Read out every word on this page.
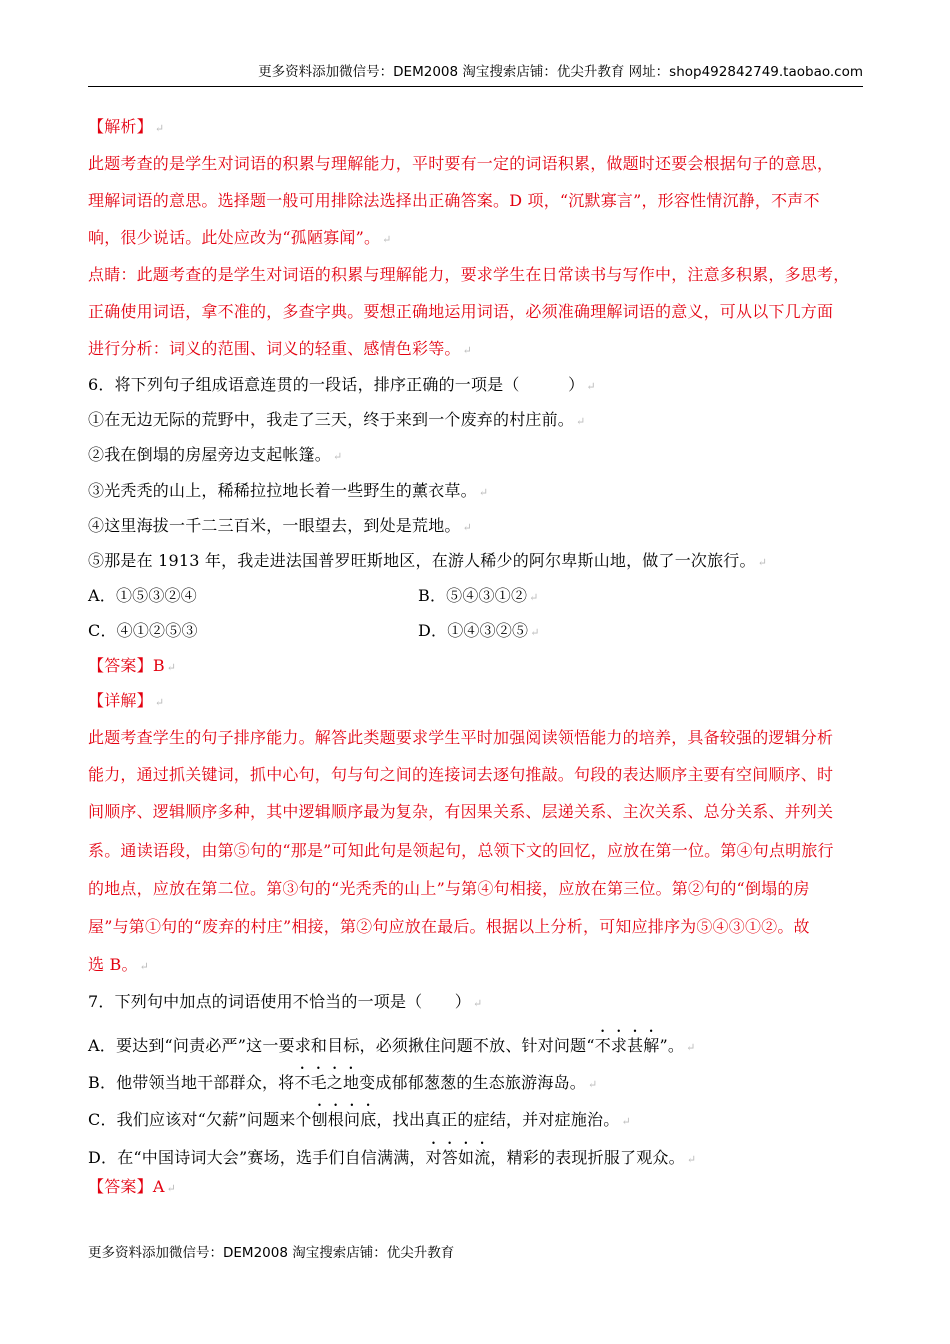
更多资料添加微信号：DEM2008 淘宝搜索店铺：优尖升教育 网址：shop492842749.taobao.com
【解析】 ↵
此题考查的是学生对词语的积累与理解能力，平时要有一定的词语积累，做题时还要会根据句子的意思，
理解词语的意思。选择题一般可用排除法选择出正确答案。D 项，“沉默寡言”，形容性情沉静，不声不
响，很少说话。此处应改为“孤陋寡闻”。 ↵
点睛：此题考查的是学生对词语的积累与理解能力，要求学生在日常读书与写作中，注意多积累，多思考，
正确使用词语，拿不准的，多查字典。要想正确地运用词语，必须准确理解词语的意义，可从以下几方面
进行分析：词义的范围、词义的轻重、感情色彩等。 ↵
6．将下列句子组成语意连贯的一段话，排序正确的一项是（　　　） ↵
①在无边无际的荒野中，我走了三天，终于来到一个废弃的村庄前。 ↵
②我在倒塌的房屋旁边支起帐篷。 ↵
③光秃秃的山上，稀稀拉拉地长着一些野生的薰衣草。 ↵
④这里海拔一千二三百米，一眼望去，到处是荒地。 ↵
⑤那是在 1913 年，我走进法国普罗旺斯地区，在游人稀少的阿尔卑斯山地，做了一次旅行。 ↵
A．①⑤③②④	B．⑤④③①② ↵
C．④①②⑤③	D．①④③②⑤ ↵
【答案】B ↵
【详解】 ↵
此题考查学生的句子排序能力。解答此类题要求学生平时加强阅读领悟能力的培养，具备较强的逻辑分析
能力，通过抓关键词，抓中心句，句与句之间的连接词去逐句推敲。句段的表达顺序主要有空间顺序、时
间顺序、逻辑顺序多种，其中逻辑顺序最为复杂，有因果关系、层递关系、主次关系、总分关系、并列关
系。通读语段，由第⑤句的“那是”可知此句是领起句，总领下文的回忆，应放在第一位。第④句点明旅行
的地点，应放在第二位。第③句的“光秃秃的山上”与第④句相接，应放在第三位。第②句的“倒塌的房
屋”与第①句的“废弃的村庄”相接，第②句应放在最后。根据以上分析，可知应排序为⑤④③①②。故
选 B。 ↵
7．下列句中加点的词语使用不恰当的一项是（　　） ↵
A．要达到“问责必严”这一要求和目标，必须揪住问题不放、针对问题“不求甚解”。 ↵
B．他带领当地干部群众，将不毛之地变成郁郁葱葱的生态旅游海岛。 ↵
C．我们应该对“欠薪”问题来个刨根问底，找出真正的症结，并对症施治。 ↵
D．在“中国诗词大会”赛场，选手们自信满满，对答如流，精彩的表现折服了观众。 ↵
【答案】A ↵
更多资料添加微信号：DEM2008 淘宝搜索店铺：优尖升教育
